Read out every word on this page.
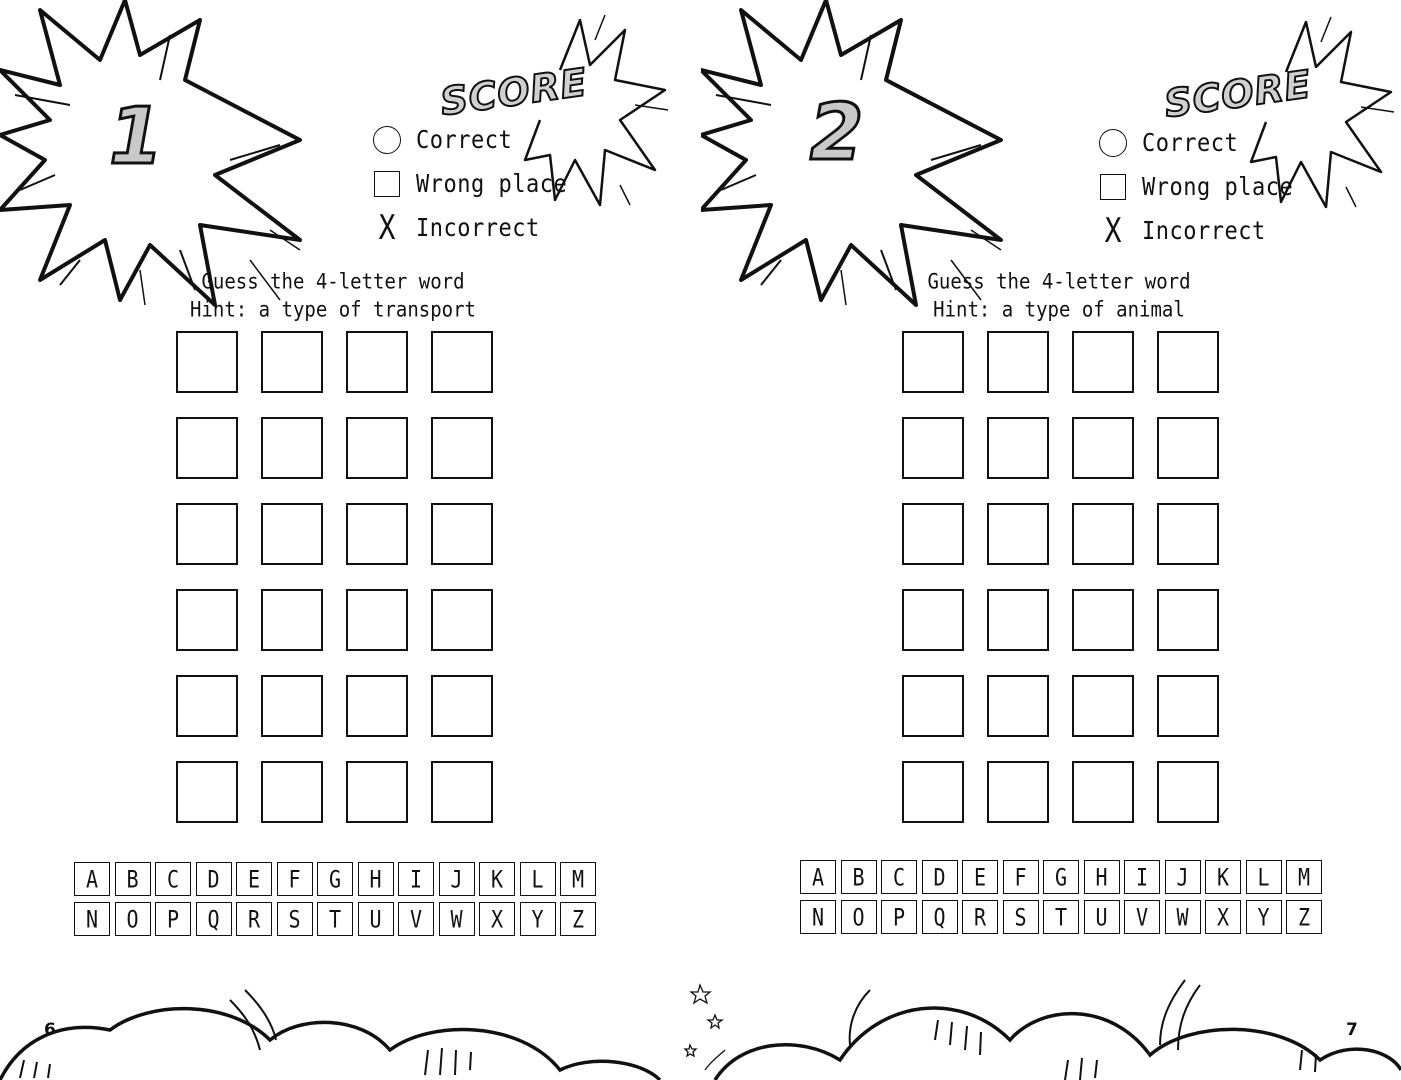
1	SCORE
Correct
Wrong place
X Incorrect
Guess the 4-letter word
Hint: a type of transport
A B C D E F G H I J K L M
N O P Q R S T U V W X Y Z
6
2	SCORE
Correct
Wrong place
X Incorrect
Guess the 4-letter word
Hint: a type of animal
A B C D E F G H I J K L M
N O P Q R S T U V W X Y Z
7
